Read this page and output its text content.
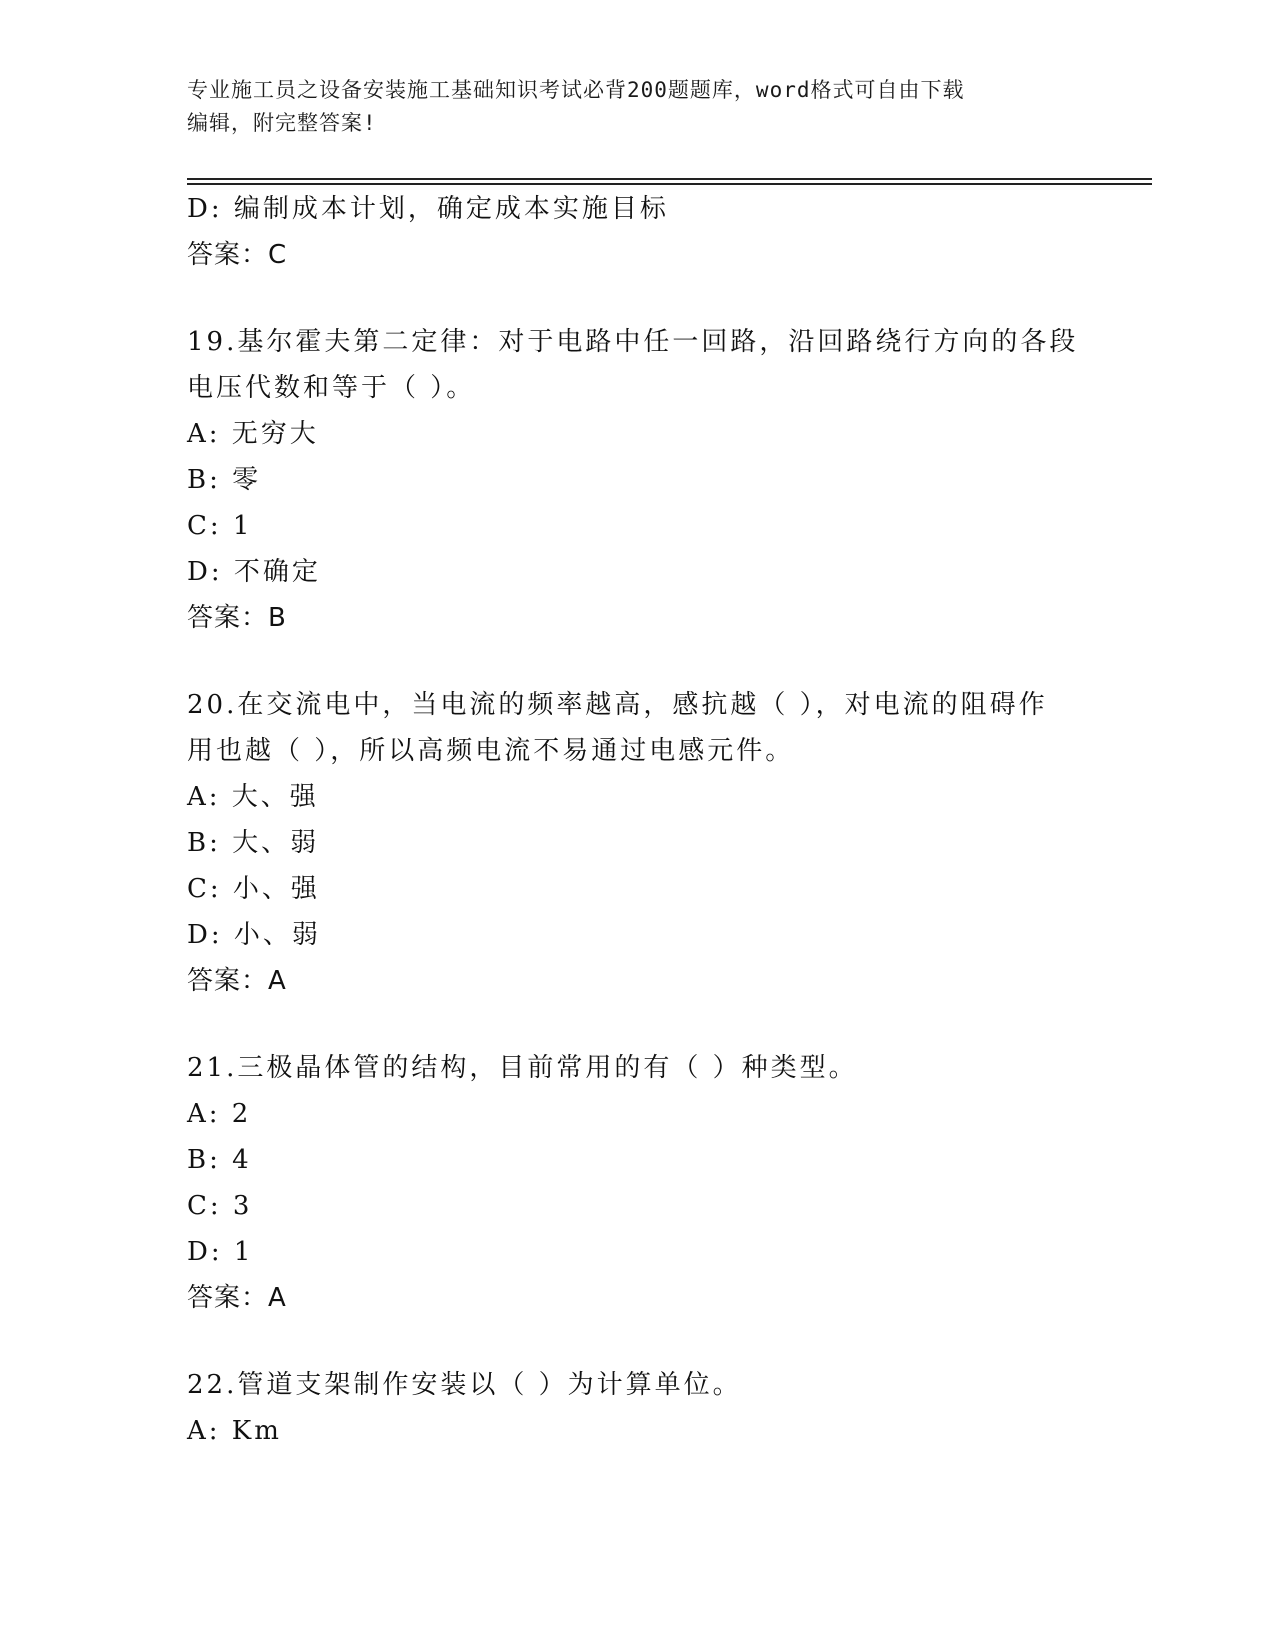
专业施工员之设备安装施工基础知识考试必背200题题库，word格式可自由下载
编辑，附完整答案!
D: 编制成本计划，确定成本实施目标
答案：C
19.基尔霍夫第二定律：对于电路中任一回路，沿回路绕行方向的各段
电压代数和等于（ ）。
A: 无穷大
B: 零
C: 1
D: 不确定
答案：B
20.在交流电中，当电流的频率越高，感抗越（ ），对电流的阻碍作
用也越（ ），所以高频电流不易通过电感元件。
A: 大、强
B: 大、弱
C: 小、强
D: 小、弱
答案：A
21.三极晶体管的结构，目前常用的有（ ）种类型。
A: 2
B: 4
C: 3
D: 1
答案：A
22.管道支架制作安装以（ ）为计算单位。
A: Km
